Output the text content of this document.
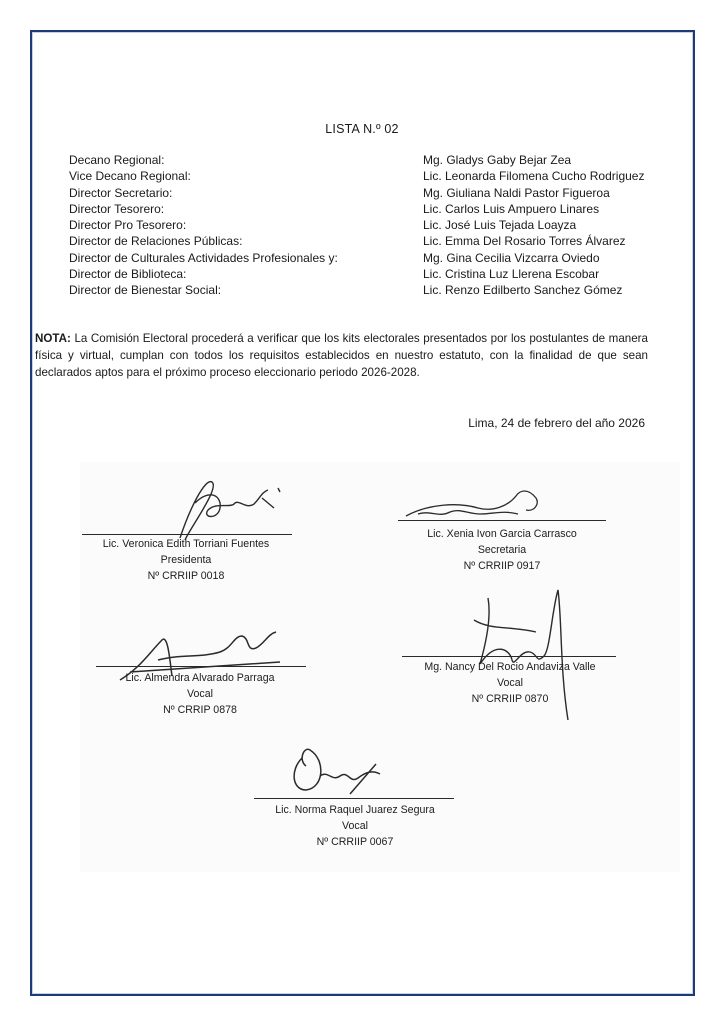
LISTA N.º 02
Decano Regional:	Mg. Gladys Gaby Bejar Zea
Vice Decano Regional:	Lic. Leonarda Filomena Cucho Rodriguez
Director Secretario:	Mg. Giuliana Naldi Pastor Figueroa
Director Tesorero:	Lic. Carlos Luis Ampuero Linares
Director Pro Tesorero:	Lic. José Luis Tejada Loayza
Director de Relaciones Públicas:	Lic. Emma Del Rosario Torres Álvarez
Director de Culturales Actividades Profesionales y:	Mg. Gina Cecilia Vizcarra Oviedo
Director de Biblioteca:	Lic. Cristina Luz Llerena Escobar
Director de Bienestar Social:	Lic. Renzo Edilberto Sanchez Gómez
NOTA: La Comisión Electoral procederá a verificar que los kits electorales presentados por los postulantes de manera física y virtual, cumplan con todos los requisitos establecidos en nuestro estatuto, con la finalidad de que sean declarados aptos para el próximo proceso eleccionario periodo 2026-2028.
Lima, 24 de febrero del año 2026
Lic. Veronica Edith Torriani Fuentes
Presidenta
Nº CRRIIP 0018
Lic. Xenia Ivon Garcia Carrasco
Secretaria
Nº CRRIIP 0917
Lic. Almendra Alvarado Parraga
Vocal
Nº CRRIP 0878
Mg. Nancy Del Rocio Andaviza Valle
Vocal
Nº CRRIIP 0870
Lic. Norma Raquel Juarez Segura
Vocal
Nº CRRIIP 0067
